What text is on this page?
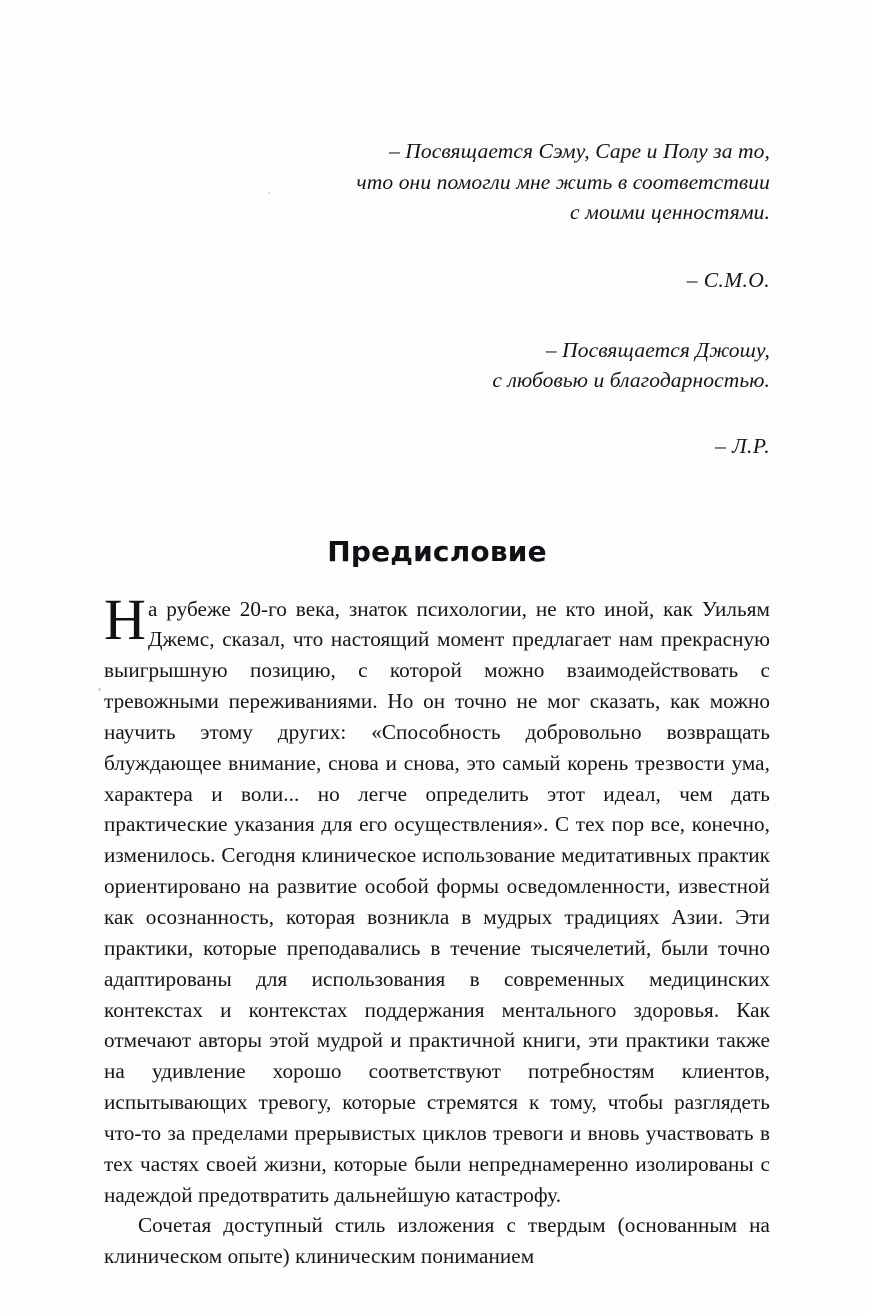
– Посвящается Сэму, Саре и Полу за то,
что они помогли мне жить в соответствии
с моими ценностями.
– С.М.О.
– Посвящается Джошу,
с любовью и благодарностью.
– Л.Р.
Предисловие

На рубеже 20-го века, знаток психологии, не кто иной, как Уильям Джемс, сказал, что настоящий момент предлагает нам прекрасную выигрышную позицию, с которой можно взаимодействовать с тревожными переживаниями. Но он точно не мог сказать, как можно научить этому других: «Способность добровольно возвращать блуждающее внимание, снова и снова, это самый корень трезвости ума, характера и воли... но легче определить этот идеал, чем дать практические указания для его осуществления». С тех пор все, конечно, изменилось. Сегодня клиническое использование медитативных практик ориентировано на развитие особой формы осведомленности, известной как осознанность, которая возникла в мудрых традициях Азии. Эти практики, которые преподавались в течение тысячелетий, были точно адаптированы для использования в современных медицинских контекстах и контекстах поддержания ментального здоровья. Как отмечают авторы этой мудрой и практичной книги, эти практики также на удивление хорошо соответствуют потребностям клиентов, испытывающих тревогу, которые стремятся к тому, чтобы разглядеть что-то за пределами прерывистых циклов тревоги и вновь участвовать в тех частях своей жизни, которые были непреднамеренно изолированы с надеждой предотвратить дальнейшую катастрофу.

Сочетая доступный стиль изложения с твердым (основанным на клиническом опыте) клиническим пониманием
